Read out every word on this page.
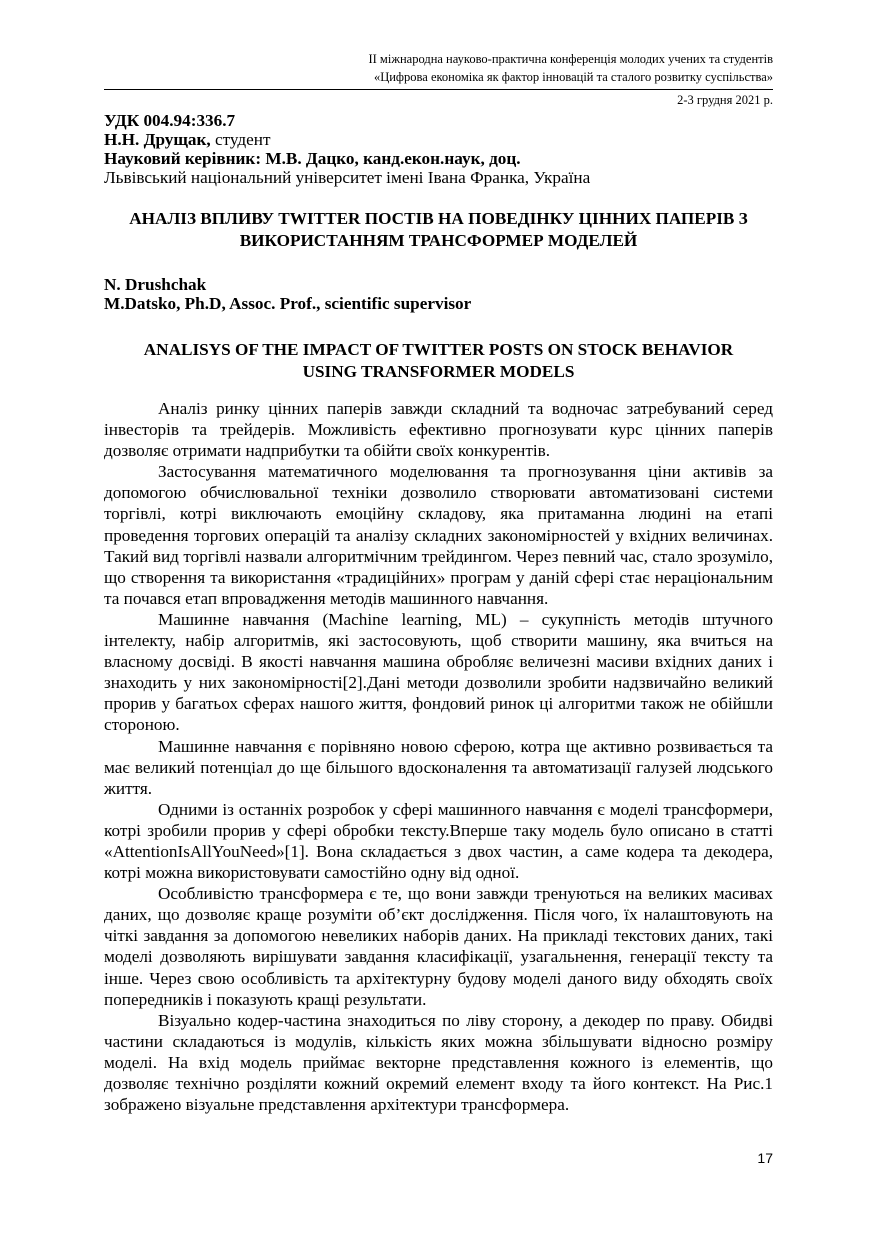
II міжнародна науково-практична конференція молодих учених та студентів
«Цифрова економіка як фактор інновацій та сталого розвитку суспільства»
2-3 грудня 2021 р.

УДК 004.94:336.7

Н.Н. Друщак, студент

Науковий керівник: М.В. Дацко, канд.екон.наук, доц.

Львівський національний університет імені Івана Франка, Україна

АНАЛІЗ ВПЛИВУ TWITTER ПОСТІВ НА ПОВЕДІНКУ ЦІННИХ ПАПЕРІВ З
ВИКОРИСТАННЯМ ТРАНСФОРМЕР МОДЕЛЕЙ

N. Drushchak

M.Datsko, Ph.D, Assoc. Prof., scientific supervisor

ANALISYS OF THE IMPACT OF TWITTER POSTS ON STOCK BEHAVIOR
USING TRANSFORMER MODELS

Аналіз ринку цінних паперів завжди складний та водночас затребуваний серед інвесторів та трейдерів. Можливість ефективно прогнозувати курс цінних паперів дозволяє отримати надприбутки та обійти своїх конкурентів.

Застосування математичного моделювання та прогнозування ціни активів за допомогою обчислювальної техніки дозволило створювати автоматизовані системи торгівлі, котрі виключають емоційну складову, яка притаманна людині на етапі проведення торгових операцій та аналізу складних закономірностей у вхідних величинах. Такий вид торгівлі назвали алгоритмічним трейдингом. Через певний час, стало зрозуміло, що створення та використання «традиційних» програм у даній сфері стає нераціональним та почався етап впровадження методів машинного навчання.

Машинне навчання (Machine learning, ML) – сукупність методів штучного інтелекту, набір алгоритмів, які застосовують, щоб створити машину, яка вчиться на власному досвіді. В якості навчання машина обробляє величезні масиви вхідних даних і знаходить у них закономірності[2].Дані методи дозволили зробити надзвичайно великий прорив у багатьох сферах нашого життя, фондовий ринок ці алгоритми також не обійшли стороною.

Машинне навчання є порівняно новою сферою, котра ще активно розвивається та має великий потенціал до ще більшого вдосконалення та автоматизації галузей людського життя.

Одними із останніх розробок у сфері машинного навчання є моделі трансформери, котрі зробили прорив у сфері обробки тексту.Вперше таку модель було описано в статті «AttentionIsAllYouNeed»[1]. Вона складається з двох частин, а саме кодера та декодера, котрі можна використовувати самостійно одну від одної.

Особливістю трансформера є те, що вони завжди тренуються на великих масивах даних, що дозволяє краще розуміти об’єкт дослідження. Після чого, їх налаштовують на чіткі завдання за допомогою невеликих наборів даних. На прикладі текстових даних, такі моделі дозволяють вирішувати завдання класифікації, узагальнення, генерації тексту та інше. Через свою особливість та архітектурну будову моделі даного виду обходять своїх попередників і показують кращі результати.

Візуально кодер-частина знаходиться по ліву сторону, а декодер по праву. Обидві частини складаються із модулів, кількість яких можна збільшувати відносно розміру моделі. На вхід модель приймає векторне представлення кожного із елементів, що дозволяє технічно розділяти кожний окремий елемент входу та його контекст. На Рис.1 зображено візуальне представлення архітектури трансформера.

17
